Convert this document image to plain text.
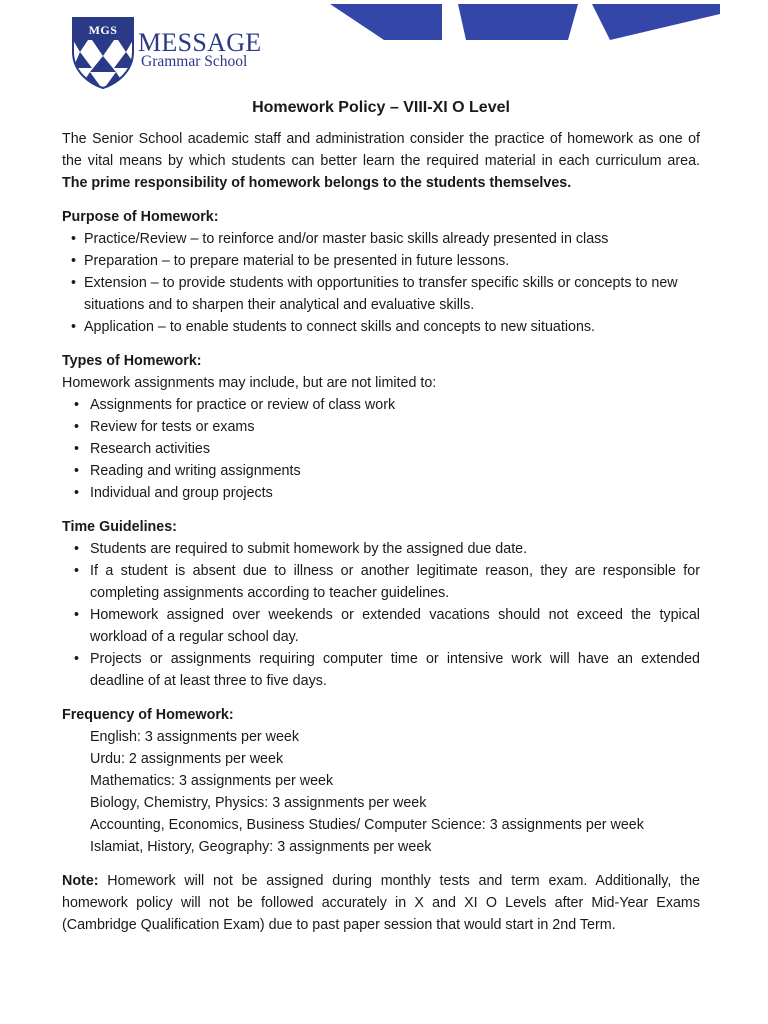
MGS MESSAGE
Grammar School
Homework Policy – VIII-XI O Level

The Senior School academic staff and administration consider the practice of homework as one of the vital means by which students can better learn the required material in each curriculum area. The prime responsibility of homework belongs to the students themselves.

Purpose of Homework:

• Practice/Review – to reinforce and/or master basic skills already presented in class
• Preparation – to prepare material to be presented in future lessons.
• Extension – to provide students with opportunities to transfer specific skills or concepts to new situations and to sharpen their analytical and evaluative skills.
• Application – to enable students to connect skills and concepts to new situations.

Types of Homework:

Homework assignments may include, but are not limited to:

• Assignments for practice or review of class work
• Review for tests or exams
• Research activities
• Reading and writing assignments
• Individual and group projects

Time Guidelines:

• Students are required to submit homework by the assigned due date.
• If a student is absent due to illness or another legitimate reason, they are responsible for completing assignments according to teacher guidelines.
• Homework assigned over weekends or extended vacations should not exceed the typical workload of a regular school day.
• Projects or assignments requiring computer time or intensive work will have an extended deadline of at least three to five days.

Frequency of Homework:

English: 3 assignments per week
Urdu: 2 assignments per week
Mathematics: 3 assignments per week
Biology, Chemistry, Physics: 3 assignments per week
Accounting, Economics, Business Studies/ Computer Science: 3 assignments per week
Islamiat, History, Geography: 3 assignments per week

Note: Homework will not be assigned during monthly tests and term exam. Additionally, the homework policy will not be followed accurately in X and XI O Levels after Mid-Year Exams (Cambridge Qualification Exam) due to past paper session that would start in 2nd Term.
